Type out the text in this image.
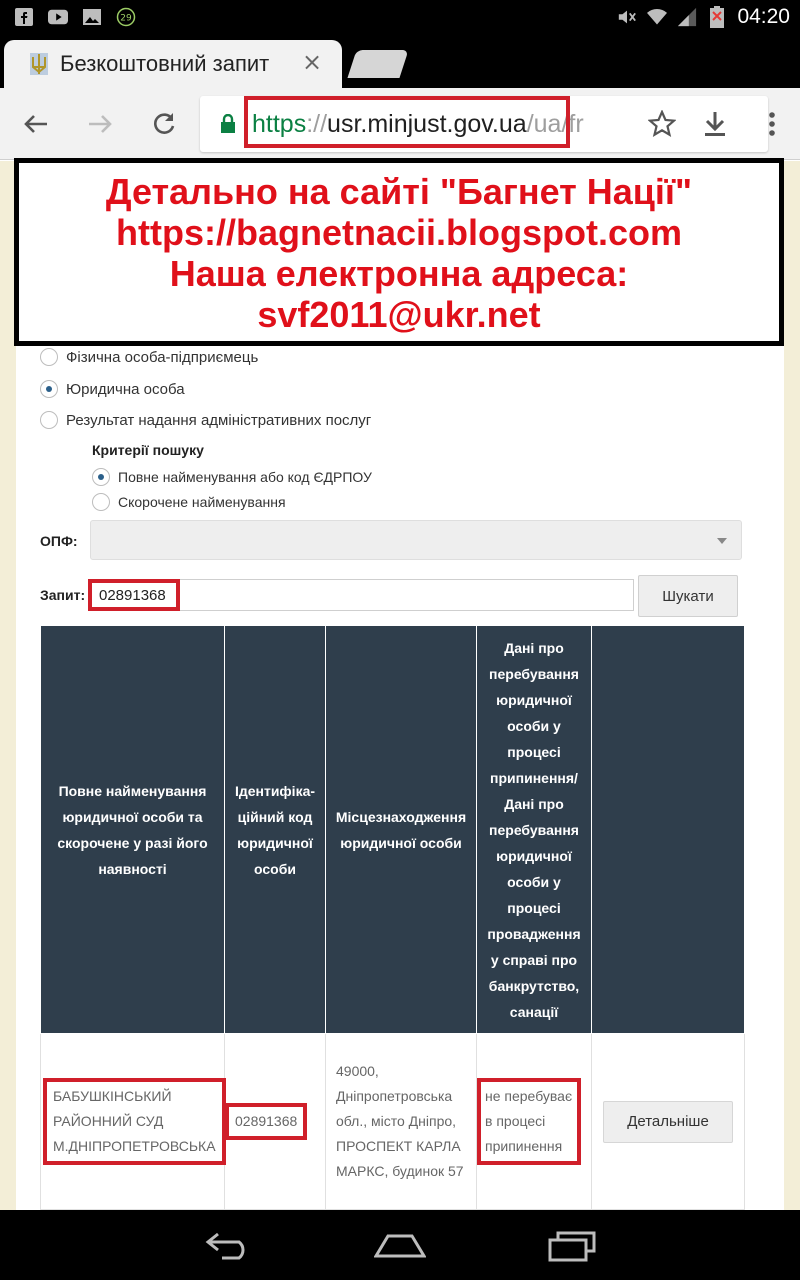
29	04:20
Безкоштовний запит	×
https://usr.minjust.gov.ua/ua/fr
Фізична особа-підприємець
Юридична особа
Результат надання адміністративних послуг
Критерії пошуку
Повне найменування або код ЄДРПОУ
Скорочене найменування
ОПФ:
Запит:
02891368	Шукати
Повне найменування юридичної особи та скорочене у разі його наявності	Ідентифіка-ційний код юридичної особи	Місцезнаходження юридичної особи	Дані про перебування юридичної особи у процесі припинення/ Дані про перебування юридичної особи у процесі провадження у справі про банкрутство, санації	
БАБУШКІНСЬКИЙ РАЙОННИЙ СУД М.ДНІПРОПЕТРОВСЬКА	02891368	49000, Дніпропетровська обл., місто Дніпро, ПРОСПЕКТ КАРЛА МАРКС, будинок 57	не перебуває в процесі припинення	Детальніше
Детально на сайті "Багнет Нації"
https://bagnetnacii.blogspot.com
Наша електронна адреса:
svf2011@ukr.net
